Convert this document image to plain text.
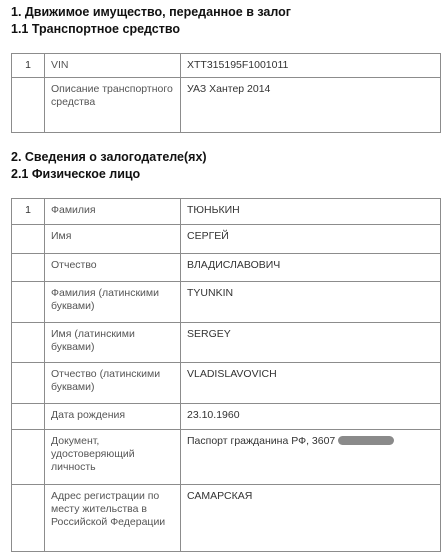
1. Движимое имущество, переданное в залог
1.1 Транспортное средство
1	VIN	XTT315195F1001011

	Описание транспортного средства	УАЗ Хантер 2014
2. Сведения о залогодателе(ях)
2.1 Физическое лицо
1	Фамилия	ТЮНЬКИН

	Имя	СЕРГЕЙ

	Отчество	ВЛАДИСЛАВОВИЧ

	Фамилия (латинскими буквами)	TYUNKIN

	Имя (латинскими буквами)	SERGEY

	Отчество (латинскими буквами)	VLADISLAVOVICH

	Дата рождения	23.10.1960

	Документ, удостоверяющий личность	Паспорт гражданина РФ, 3607

	Адрес регистрации по месту жительства в Российской Федерации	САМАРСКАЯ
